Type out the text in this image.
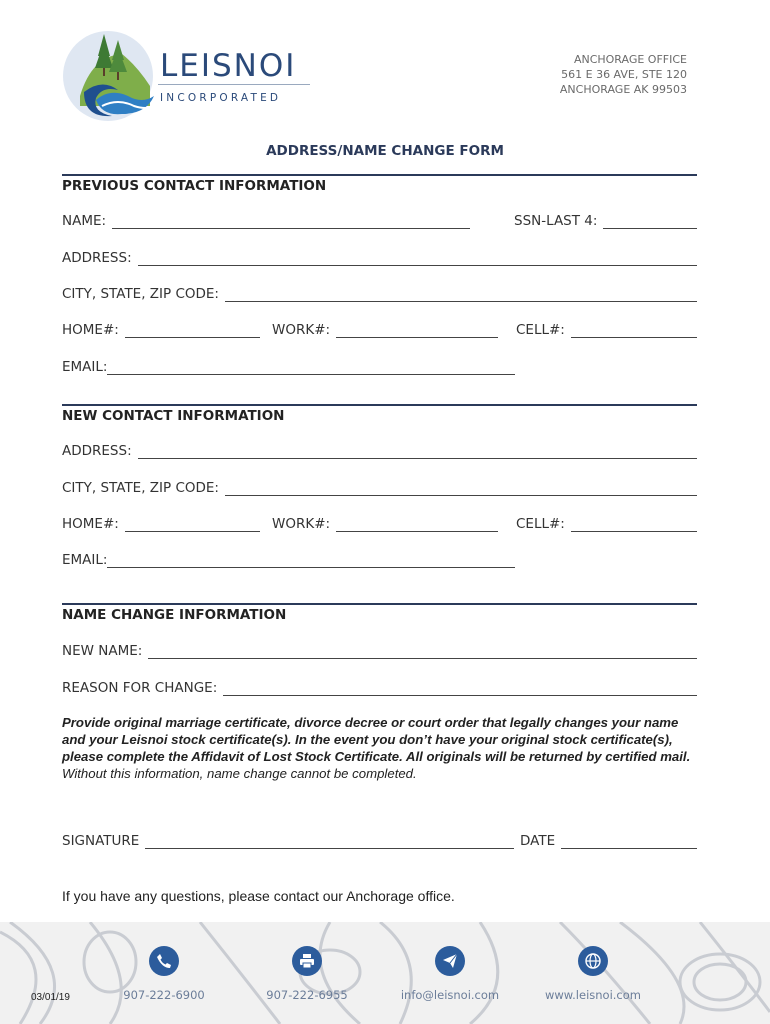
LEISNOI
INCORPORATED
ANCHORAGE OFFICE
561 E 36 AVE, STE 120
ANCHORAGE AK 99503
ADDRESS/NAME CHANGE FORM
PREVIOUS CONTACT INFORMATION
NAME:	SSN-LAST 4:
ADDRESS:
CITY, STATE, ZIP CODE:
HOME#:	WORK#:	CELL#:
EMAIL:
NEW CONTACT INFORMATION
ADDRESS:
CITY, STATE, ZIP CODE:
HOME#:	WORK#:	CELL#:
EMAIL:
NAME CHANGE INFORMATION
NEW NAME:
REASON FOR CHANGE:
Provide original marriage certificate, divorce decree or court order that legally changes your name and your Leisnoi stock certificate(s). In the event you don’t have your original stock certificate(s), please complete the Affidavit of Lost Stock Certificate. All originals will be returned by certified mail. Without this information, name change cannot be completed.
SIGNATURE	DATE
If you have any questions, please contact our Anchorage office.
03/01/19	907-222-6900	907-222-6955	info@leisnoi.com	www.leisnoi.com
